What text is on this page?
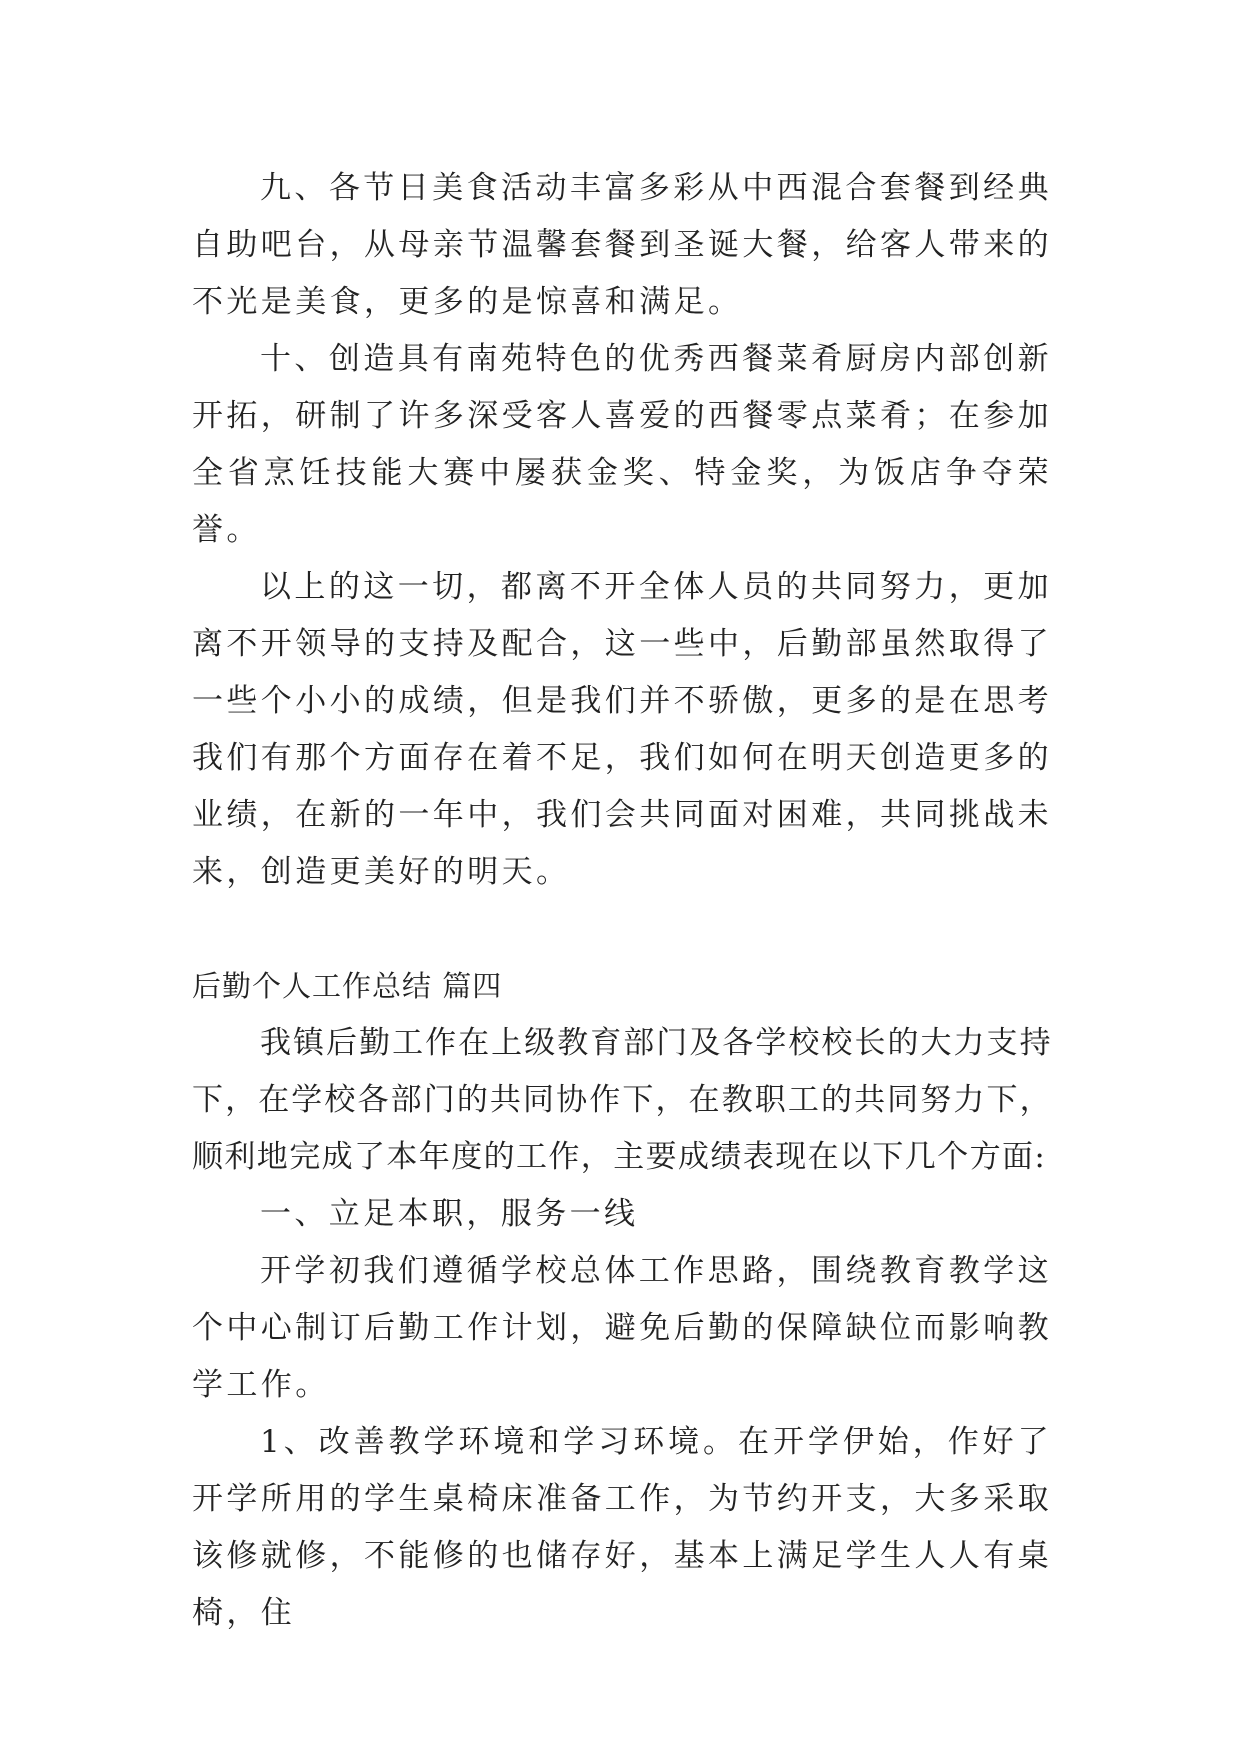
九、各节日美食活动丰富多彩从中西混合套餐到经典自助吧台，从母亲节温馨套餐到圣诞大餐，给客人带来的不光是美食，更多的是惊喜和满足。

十、创造具有南苑特色的优秀西餐菜肴厨房内部创新开拓，研制了许多深受客人喜爱的西餐零点菜肴；在参加全省烹饪技能大赛中屡获金奖、特金奖，为饭店争夺荣誉。

以上的这一切，都离不开全体人员的共同努力，更加离不开领导的支持及配合，这一些中，后勤部虽然取得了一些个小小的成绩，但是我们并不骄傲，更多的是在思考我们有那个方面存在着不足，我们如何在明天创造更多的业绩，在新的一年中，我们会共同面对困难，共同挑战未来，创造更美好的明天。

后勤个人工作总结 篇四

我镇后勤工作在上级教育部门及各学校校长的大力支持下，在学校各部门的共同协作下，在教职工的共同努力下，顺利地完成了本年度的工作，主要成绩表现在以下几个方面:

一、立足本职，服务一线

开学初我们遵循学校总体工作思路，围绕教育教学这个中心制订后勤工作计划，避免后勤的保障缺位而影响教学工作。

1、改善教学环境和学习环境。在开学伊始，作好了开学所用的学生桌椅床准备工作，为节约开支，大多采取该修就修，不能修的也储存好，基本上满足学生人人有桌椅，住
